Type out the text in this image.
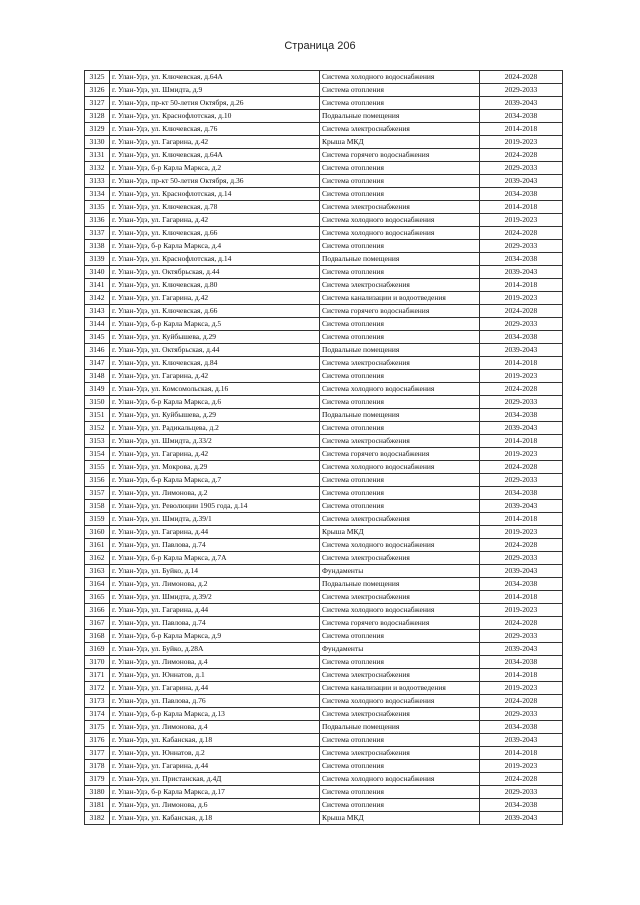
Страница 206
3125	г. Улан-Удэ, ул. Ключевская, д.64А	Система холодного водоснабжения	2024-2028
3126	г. Улан-Удэ, ул. Шмидта, д.9	Система отопления	2029-2033
3127	г. Улан-Удэ, пр-кт 50-летия Октября, д.26	Система отопления	2039-2043
3128	г. Улан-Удэ, ул. Краснофлотская, д.10	Подвальные помещения	2034-2038
3129	г. Улан-Удэ, ул. Ключевская, д.76	Система электроснабжения	2014-2018
3130	г. Улан-Удэ, ул. Гагарина, д.42	Крыша МКД	2019-2023
3131	г. Улан-Удэ, ул. Ключевская, д.64А	Система горячего водоснабжения	2024-2028
3132	г. Улан-Удэ, б-р Карла Маркса, д.2	Система отопления	2029-2033
3133	г. Улан-Удэ, пр-кт 50-летия Октября, д.36	Система отопления	2039-2043
3134	г. Улан-Удэ, ул. Краснофлотская, д.14	Система отопления	2034-2038
3135	г. Улан-Удэ, ул. Ключевская, д.78	Система электроснабжения	2014-2018
3136	г. Улан-Удэ, ул. Гагарина, д.42	Система холодного водоснабжения	2019-2023
3137	г. Улан-Удэ, ул. Ключевская, д.66	Система холодного водоснабжения	2024-2028
3138	г. Улан-Удэ, б-р Карла Маркса, д.4	Система отопления	2029-2033
3139	г. Улан-Удэ, ул. Краснофлотская, д.14	Подвальные помещения	2034-2038
3140	г. Улан-Удэ, ул. Октябрьская, д.44	Система отопления	2039-2043
3141	г. Улан-Удэ, ул. Ключевская, д.80	Система электроснабжения	2014-2018
3142	г. Улан-Удэ, ул. Гагарина, д.42	Система канализации и водоотведения	2019-2023
3143	г. Улан-Удэ, ул. Ключевская, д.66	Система горячего водоснабжения	2024-2028
3144	г. Улан-Удэ, б-р Карла Маркса, д.5	Система отопления	2029-2033
3145	г. Улан-Удэ, ул. Куйбышева, д.29	Система отопления	2034-2038
3146	г. Улан-Удэ, ул. Октябрьская, д.44	Подвальные помещения	2039-2043
3147	г. Улан-Удэ, ул. Ключевская, д.84	Система электроснабжения	2014-2018
3148	г. Улан-Удэ, ул. Гагарина, д.42	Система отопления	2019-2023
3149	г. Улан-Удэ, ул. Комсомольская, д.16	Система холодного водоснабжения	2024-2028
3150	г. Улан-Удэ, б-р Карла Маркса, д.6	Система отопления	2029-2033
3151	г. Улан-Удэ, ул. Куйбышева, д.29	Подвальные помещения	2034-2038
3152	г. Улан-Удэ, ул. Радикальцева, д.2	Система отопления	2039-2043
3153	г. Улан-Удэ, ул. Шмидта, д.33/2	Система электроснабжения	2014-2018
3154	г. Улан-Удэ, ул. Гагарина, д.42	Система горячего водоснабжения	2019-2023
3155	г. Улан-Удэ, ул. Мокрова, д.29	Система холодного водоснабжения	2024-2028
3156	г. Улан-Удэ, б-р Карла Маркса, д.7	Система отопления	2029-2033
3157	г. Улан-Удэ, ул. Лимонова, д.2	Система отопления	2034-2038
3158	г. Улан-Удэ, ул. Революции 1905 года, д.14	Система отопления	2039-2043
3159	г. Улан-Удэ, ул. Шмидта, д.39/1	Система электроснабжения	2014-2018
3160	г. Улан-Удэ, ул. Гагарина, д.44	Крыша МКД	2019-2023
3161	г. Улан-Удэ, ул. Павлова, д.74	Система холодного водоснабжения	2024-2028
3162	г. Улан-Удэ, б-р Карла Маркса, д.7А	Система электроснабжения	2029-2033
3163	г. Улан-Удэ, ул. Буйко, д.14	Фундаменты	2039-2043
3164	г. Улан-Удэ, ул. Лимонова, д.2	Подвальные помещения	2034-2038
3165	г. Улан-Удэ, ул. Шмидта, д.39/2	Система электроснабжения	2014-2018
3166	г. Улан-Удэ, ул. Гагарина, д.44	Система холодного водоснабжения	2019-2023
3167	г. Улан-Удэ, ул. Павлова, д.74	Система горячего водоснабжения	2024-2028
3168	г. Улан-Удэ, б-р Карла Маркса, д.9	Система отопления	2029-2033
3169	г. Улан-Удэ, ул. Буйко, д.28А	Фундаменты	2039-2043
3170	г. Улан-Удэ, ул. Лимонова, д.4	Система отопления	2034-2038
3171	г. Улан-Удэ, ул. Юннатов, д.1	Система электроснабжения	2014-2018
3172	г. Улан-Удэ, ул. Гагарина, д.44	Система канализации и водоотведения	2019-2023
3173	г. Улан-Удэ, ул. Павлова, д.76	Система холодного водоснабжения	2024-2028
3174	г. Улан-Удэ, б-р Карла Маркса, д.13	Система электроснабжения	2029-2033
3175	г. Улан-Удэ, ул. Лимонова, д.4	Подвальные помещения	2034-2038
3176	г. Улан-Удэ, ул. Кабанская, д.18	Система отопления	2039-2043
3177	г. Улан-Удэ, ул. Юннатов, д.2	Система электроснабжения	2014-2018
3178	г. Улан-Удэ, ул. Гагарина, д.44	Система отопления	2019-2023
3179	г. Улан-Удэ, ул. Пристанская, д.4Д	Система холодного водоснабжения	2024-2028
3180	г. Улан-Удэ, б-р Карла Маркса, д.17	Система отопления	2029-2033
3181	г. Улан-Удэ, ул. Лимонова, д.6	Система отопления	2034-2038
3182	г. Улан-Удэ, ул. Кабанская, д.18	Крыша МКД	2039-2043
